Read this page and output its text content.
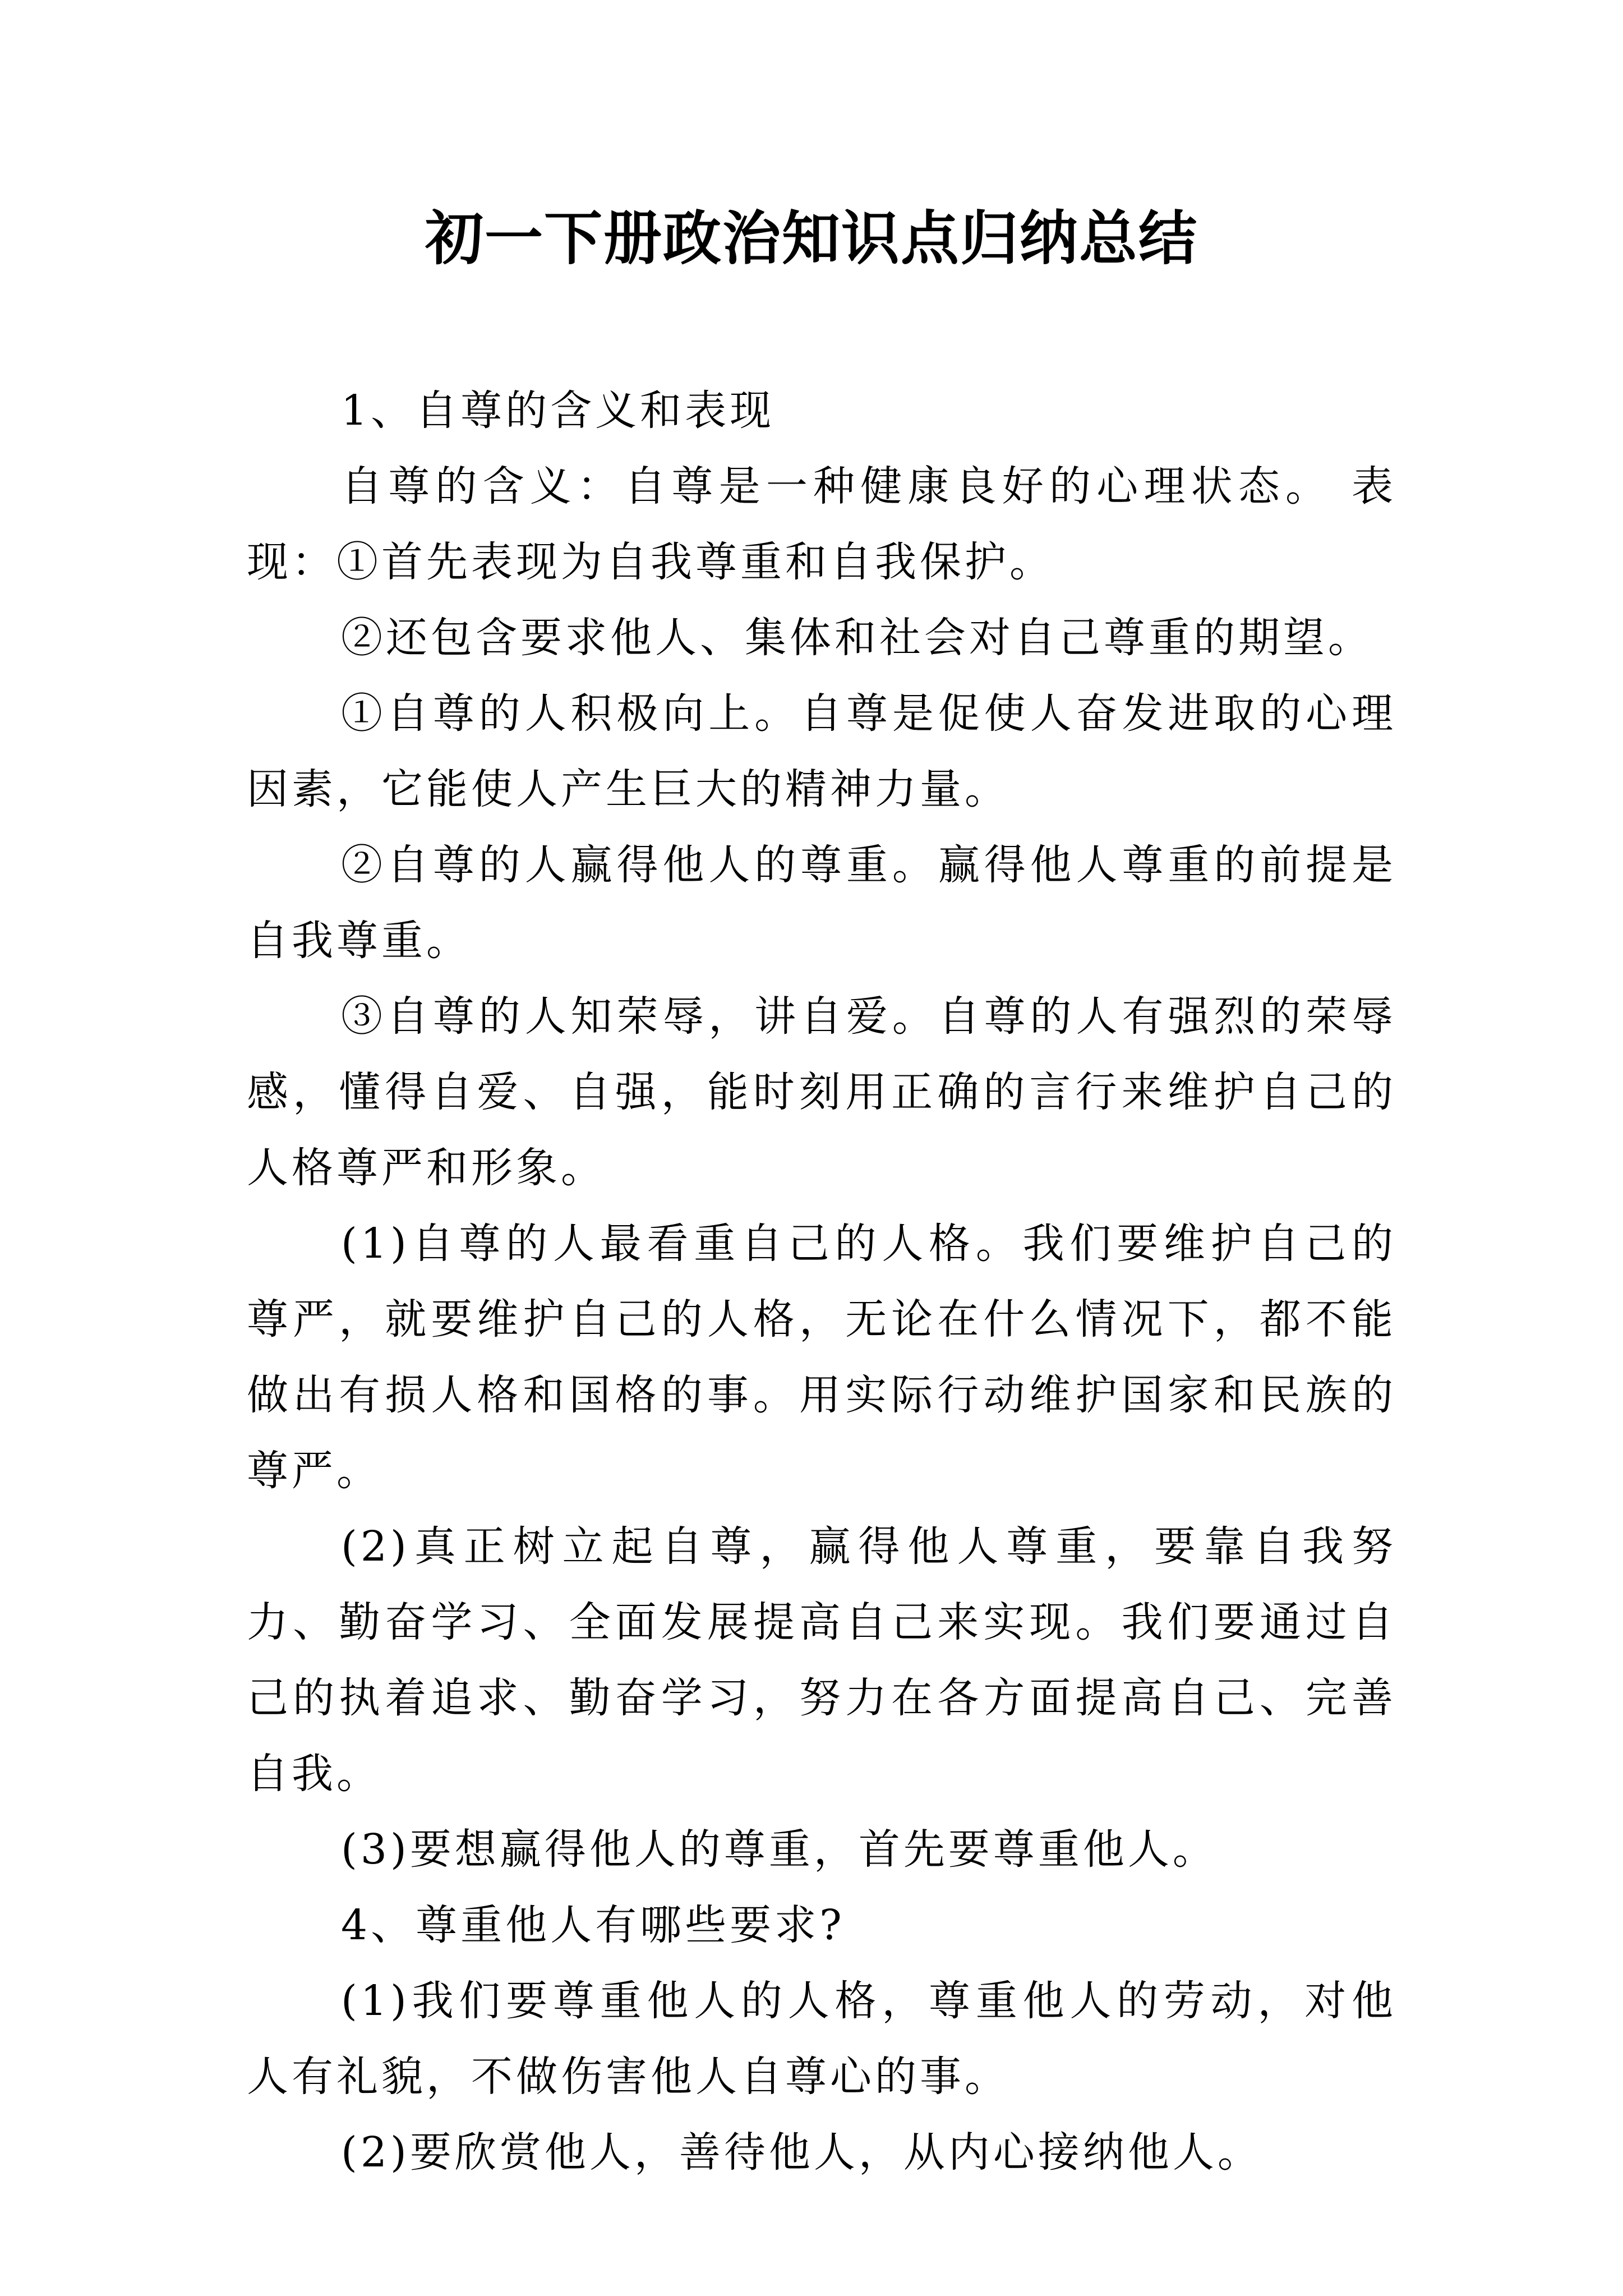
初一下册政治知识点归纳总结

1、自尊的含义和表现

自尊的含义：自尊是一种健康良好的心理状态。 表现：①首先表现为自我尊重和自我保护。

②还包含要求他人、集体和社会对自己尊重的期望。

①自尊的人积极向上。自尊是促使人奋发进取的心理因素，它能使人产生巨大的精神力量。

②自尊的人赢得他人的尊重。赢得他人尊重的前提是自我尊重。

③自尊的人知荣辱，讲自爱。自尊的人有强烈的荣辱感，懂得自爱、自强，能时刻用正确的言行来维护自己的人格尊严和形象。

(1)自尊的人最看重自己的人格。我们要维护自己的尊严，就要维护自己的人格，无论在什么情况下，都不能做出有损人格和国格的事。用实际行动维护国家和民族的尊严。

(2)真正树立起自尊，赢得他人尊重，要靠自我努力、勤奋学习、全面发展提高自己来实现。我们要通过自己的执着追求、勤奋学习，努力在各方面提高自己、完善自我。

(3)要想赢得他人的尊重，首先要尊重他人。

4、尊重他人有哪些要求?

(1)我们要尊重他人的人格，尊重他人的劳动，对他人有礼貌，不做伤害他人自尊心的事。

(2)要欣赏他人，善待他人，从内心接纳他人。
